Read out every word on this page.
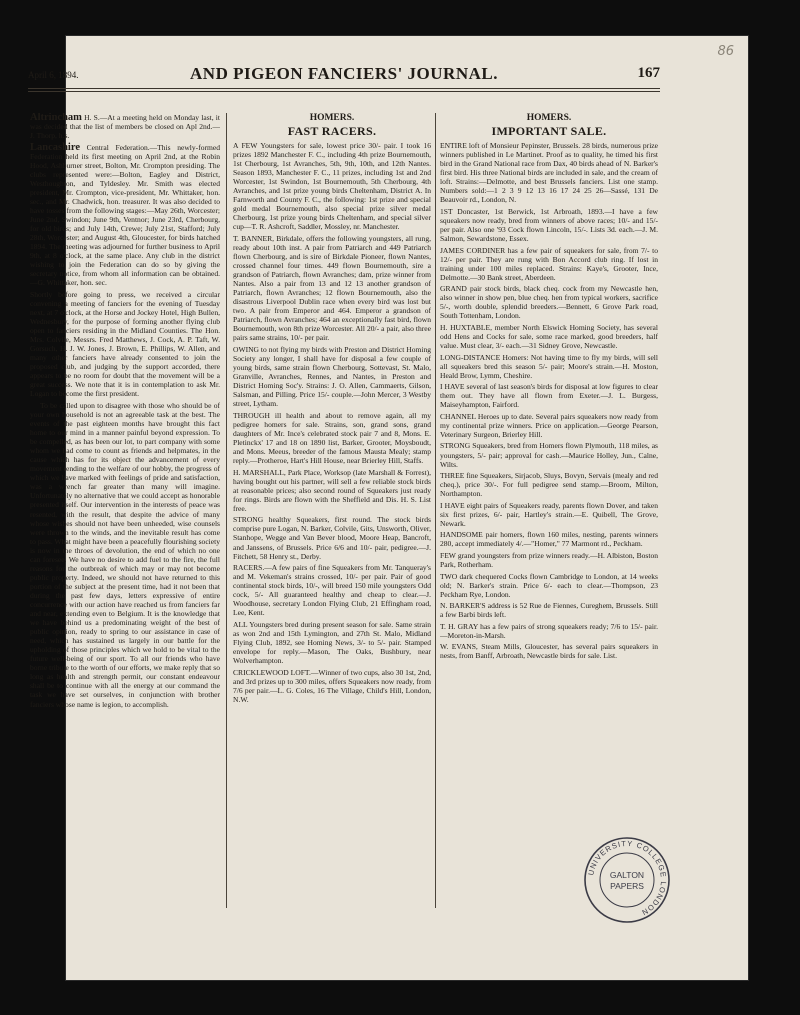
86
April 6, 1894.	AND PIGEON FANCIERS' JOURNAL.	167

Altrincham H. S.—At a meeting held on Monday last, it was decided that the list of members be closed on Apl 2nd.—J. Thorp, h.s.

Lancashire Central Federation.—This newly-formed Federation held its first meeting on April 2nd, at the Robin Hood, Ashburner street, Bolton, Mr. Crompton presiding. The clubs represented were:—Bolton, Eagley and District, Westhoughton, and Tyldesley. Mr. Smith was elected president, Mr. Crompton, vice-president, Mr. Whittaker, hon. sec., and Mr. Chadwick, hon. treasurer. It was also decided to have tosses from the following stages:—May 26th, Worcester; June 2nd, Swindon; June 9th, Ventnor; June 23rd, Cherbourg, for old birds; and July 14th, Crewe; July 21st, Stafford; July 28th, Worcester; and August 4th, Gloucester, for birds hatched 1894. The meeting was adjourned for further business to April 9th, at 8 o'clock, at the same place. Any club in the district wishing to join the Federation can do so by giving the secretary notice, from whom all information can be obtained.—G. Whittaker, hon. sec.

Shortly before going to press, we received a circular convening a meeting of fanciers for the evening of Tuesday next, at 7 o'clock, at the Horse and Jockey Hotel, High Bullen, Wednesbury, for the purpose of forming another flying club open to fanciers residing in the Midland Counties. The Hon. Mrs. Colvile, Messrs. Fred Matthews, J. Cock, A. P. Taft, W. Gorsuch, H. J. W. Jones, J. Brown, E. Phillips, W. Allen, and many other fanciers have already consented to join the proposed club, and judging by the support accorded, there appears to be no room for doubt that the movement will be a great success. We note that it is in contemplation to ask Mr. Logan to become the first president.

To be called upon to disagree with those who should be of your own household is not an agreeable task at the best. The events of the past eighteen months have brought this fact home to our mind in a manner painful beyond expression. To be compelled, as has been our lot, to part company with some whom we had come to count as friends and helpmates, in the cause which has for its object the advancement of every movement tending to the welfare of our hobby, the progress of which we have marked with feelings of pride and satisfaction, was a wrench far greater than many will imagine. Unfortunately no alternative that we could accept as honorable presented itself. Our intervention in the interests of peace was resented, with the result, that despite the advice of many whose wishes should not have been unheeded, wise counsels were thrown to the winds, and the inevitable result has come to pass. What might have been a peacefully flourishing society is now in the throes of devolution, the end of which no one can foresee. We have no desire to add fuel to the fire, the full reasons for the outbreak of which may or may not become public property. Indeed, we should not have returned to this portion of the subject at the present time, had it not been that during the past few days, letters expressive of entire concurrence with our action have reached us from fanciers far and near, extending even to Belgium. It is the knowledge that we have behind us a predominating weight of the best of public opinion, ready to spring to our assistance in case of need, which has sustained us largely in our battle for the upholding of those principles which we hold to be vital to the future well-being of our sport. To all our friends who have borne tribute to the worth of our efforts, we make reply that so long as health and strength permit, our constant endeavour shall be to continue with all the energy at our command the task we have set ourselves, in conjunction with brother fanciers whose name is legion, to accomplish.

HOMERS.
FAST RACERS.

A FEW Youngsters for sale, lowest price 30/- pair. I took 16 prizes 1892 Manchester F. C., including 4th prize Bournemouth, 1st Cherbourg, 1st Avranches, 5th, 9th, 10th, and 12th Nantes. Season 1893, Manchester F. C., 11 prizes, including 1st and 2nd Worcester, 1st Swindon, 1st Bournemouth, 5th Cherbourg, 4th Avranches, and 1st prize young birds Cheltenham, District A. In Farnworth and County F. C., the following: 1st prize and special gold medal Bournemouth, also special prize silver medal Cherbourg, 1st prize young birds Cheltenham, and special silver cup—T. R. Ashcroft, Saddler, Mossley, nr. Manchester.

T. BANNER, Birkdale, offers the following youngsters, all rung, ready about 10th inst. A pair from Patriarch and 449 Patriarch flown Cherbourg, and is sire of Birkdale Pioneer, flown Nantes, crossed channel four times. 449 flown Bournemouth, sire a grandson of Patriarch, flown Avranches; dam, prize winner from Nantes. Also a pair from 13 and 12 13 another grandson of Patriarch, flown Avranches; 12 flown Bournemouth, also the disastrous Liverpool Dublin race when every bird was lost but two. A pair from Emperor and 464. Emperor a grandson of Patriarch, flown Avranches; 464 an exceptionally fast bird, flown Bournemouth, won 8th prize Worcester. All 20/- a pair, also three pairs same strains, 10/- per pair.

OWING to not flying my birds with Preston and District Homing Society any longer, I shall have for disposal a few couple of young birds, same strain flown Cherbourg, Sottevast, St. Malo, Granville, Avranches, Rennes, and Nantes, in Preston and District Homing Soc'y. Strains: J. O. Allen, Cammaerts, Gilson, Salsman, and Pilling. Price 15/- couple.—John Mercer, 3 Westby street, Lytham.

THROUGH ill health and about to remove again, all my pedigree homers for sale. Strains, son, grand sons, grand daughters of Mr. Ince's celebrated stock pair 7 and 8, Mons. E. Pletinckx' 17 and 18 on 1890 list, Barker, Grooter, Moysboudt, and Mons. Meeus, breeder of the famous Mausta Mealy; stamp reply.—Protheroe, Hart's Hill House, near Brierley Hill, Staffs.

H. MARSHALL, Park Place, Worksop (late Marshall & Forrest), having bought out his partner, will sell a few reliable stock birds at reasonable prices; also second round of Squeakers just ready for rings. Birds are flown with the Sheffield and Dis. H. S. List free.

STRONG healthy Squeakers, first round. The stock birds comprise pure Logan, N. Barker, Colvile, Gits, Unsworth, Oliver, Stanhope, Wegge and Van Bever blood, Moore Heap, Bancroft, and Janssens, of Brussels. Price 6/6 and 10/- pair, pedigree.—J. Fitchett, 58 Henry st., Derby.

RACERS.—A few pairs of fine Squeakers from Mr. Tanqueray's and M. Vekeman's strains crossed, 10/- per pair. Pair of good continental stock birds, 10/-, will breed 150 mile youngsters Odd cock, 5/- All guaranteed healthy and cheap to clear.—J. Woodhouse, secretary London Flying Club, 21 Effingham road, Lee, Kent.

ALL Youngsters bred during present season for sale. Same strain as won 2nd and 15th Lymington, and 27th St. Malo, Midland Flying Club, 1892, see Homing News, 3/- to 5/- pair. Stamped envelope for reply.—Mason, The Oaks, Bushbury, near Wolverhampton.

CRICKLEWOOD LOFT.—Winner of two cups, also 30 1st, 2nd, and 3rd prizes up to 300 miles, offers Squeakers now ready, from 7/6 per pair.—L. G. Coles, 16 The Village, Child's Hill, London, N.W.

HOMERS.
IMPORTANT SALE.

ENTIRE loft of Monsieur Pepinster, Brussels. 28 birds, numerous prize winners published in Le Martinet. Proof as to quality, he timed his first bird in the Grand National race from Dax, 40 birds ahead of N. Barker's first bird. His three National birds are included in sale, and the cream of loft. Strains:—Delmotte, and best Brussels fanciers. List one stamp. Numbers sold:—1 2 3 9 12 13 16 17 24 25 26—Sassé, 131 De Beauvoir rd., London, N.

1ST Doncaster, 1st Berwick, 1st Arbroath, 1893.—I have a few squeakers now ready, bred from winners of above races; 10/- and 15/- per pair. Also one '93 Cock flown Lincoln, 15/-. Lists 3d. each.—J. M. Salmon, Sewardstone, Essex.

JAMES CORDINER has a few pair of squeakers for sale, from 7/- to 12/- per pair. They are rung with Bon Accord club ring. If lost in training under 100 miles replaced. Strains: Kaye's, Grooter, Ince, Delmotte.—30 Bank street, Aberdeen.

GRAND pair stock birds, black cheq. cock from my Newcastle hen, also winner in show pen, blue cheq. hen from typical workers, sacrifice 5/-, worth double, splendid breeders.—Bennett, 6 Grove Park road, South Tottenham, London.

H. HUXTABLE, member North Elswick Homing Society, has several odd Hens and Cocks for sale, some race marked, good breeders, half value. Must clear, 3/- each.—31 Sidney Grove, Newcastle.

LONG-DISTANCE Homers: Not having time to fly my birds, will sell all squeakers bred this season 5/- pair; Moore's strain.—H. Moston, Heald Brow, Lymm, Cheshire.

I HAVE several of last season's birds for disposal at low figures to clear them out. They have all flown from Exeter.—J. L. Burgess, Maiseyhampton, Fairford.

CHANNEL Heroes up to date. Several pairs squeakers now ready from my continental prize winners. Price on application.—George Pearson, Veterinary Surgeon, Brierley Hill.

STRONG Squeakers, bred from Homers flown Plymouth, 118 miles, as youngsters, 5/- pair; approval for cash.—Maurice Holley, Jun., Calne, Wilts.

THREE fine Squeakers, Sirjacob, Sluys, Bovyn, Servais (mealy and red cheq.), price 30/-. For full pedigree send stamp.—Broom, Milton, Northampton.

I HAVE eight pairs of Squeakers ready, parents flown Dover, and taken six first prizes, 6/- pair, Hartley's strain.—E. Quibell, The Grove, Newark.

HANDSOME pair homers, flown 160 miles, nesting, parents winners 280, accept immediately 4/.—"Homer," 77 Marmont rd., Peckham.

FEW grand youngsters from prize winners ready.—H. Albiston, Boston Park, Rotherham.

TWO dark chequered Cocks flown Cambridge to London, at 14 weeks old; N. Barker's strain. Price 6/- each to clear.—Thompson, 23 Peckham Rye, London.

N. BARKER'S address is 52 Rue de Fiennes, Cureghem, Brussels. Still a few Barbi birds left.

T. H. GRAY has a few pairs of strong squeakers ready; 7/6 to 15/- pair.—Moreton-in-Marsh.

W. EVANS, Steam Mills, Gloucester, has several pairs squeakers in nests, from Banff, Arbroath, Newcastle birds for sale. List.

UNIVERSITY COLLEGE LONDON
GALTON
PAPERS
